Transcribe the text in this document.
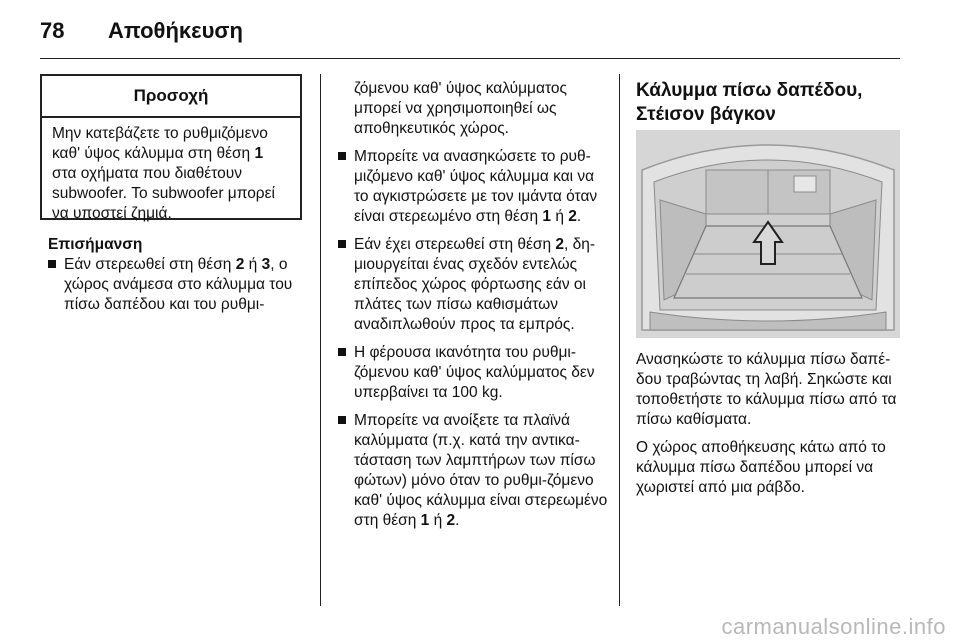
78 Αποθήκευση
Προσοχή
Μην κατεβάζετε το ρυθμιζόμενο καθ' ύψος κάλυμμα στη θέση 1 στα οχήματα που διαθέτουν subwoofer. Το subwoofer μπορεί να υποστεί ζημιά.
Επισήμανση
Εάν στερεωθεί στη θέση 2 ή 3, ο χώρος ανάμεσα στο κάλυμμα του πίσω δαπέδου και του ρυθμι-
ζόμενου καθ' ύψος καλύμματος μπορεί να χρησιμοποιηθεί ως αποθηκευτικός χώρος.
Μπορείτε να ανασηκώσετε το ρυθ-μιζόμενο καθ' ύψος κάλυμμα και να το αγκιστρώσετε με τον ιμάντα όταν είναι στερεωμένο στη θέση 1 ή 2.
Εάν έχει στερεωθεί στη θέση 2, δη-μιουργείται ένας σχεδόν εντελώς επίπεδος χώρος φόρτωσης εάν οι πλάτες των πίσω καθισμάτων αναδιπλωθούν προς τα εμπρός.
Η φέρουσα ικανότητα του ρυθμι-ζόμενου καθ' ύψος καλύμματος δεν υπερβαίνει τα 100 kg.
Μπορείτε να ανοίξετε τα πλαϊνά καλύμματα (π.χ. κατά την αντικα-τάσταση των λαμπτήρων των πίσω φώτων) μόνο όταν το ρυθμι-ζόμενο καθ' ύψος κάλυμμα είναι στερεωμένο στη θέση 1 ή 2.
Κάλυμμα πίσω δαπέδου,
Στέισον βάγκον

Ανασηκώστε το κάλυμμα πίσω δαπέ-δου τραβώντας τη λαβή. Σηκώστε και τοποθετήστε το κάλυμμα πίσω από τα πίσω καθίσματα.

Ο χώρος αποθήκευσης κάτω από το κάλυμμα πίσω δαπέδου μπορεί να χωριστεί από μια ράβδο.

carmanualsonline.info
